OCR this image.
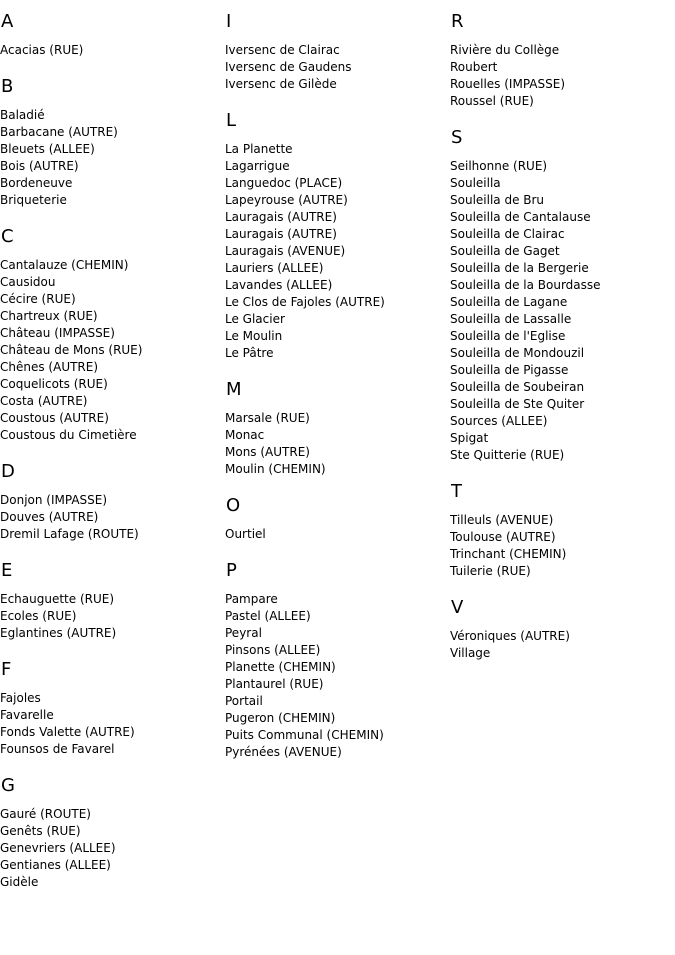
A
Acacias (RUE)
B
Baladié
Barbacane (AUTRE)
Bleuets (ALLEE)
Bois (AUTRE)
Bordeneuve
Briqueterie
C
Cantalauze (CHEMIN)
Causidou
Cécire (RUE)
Chartreux (RUE)
Château (IMPASSE)
Château de Mons (RUE)
Chênes (AUTRE)
Coquelicots (RUE)
Costa (AUTRE)
Coustous (AUTRE)
Coustous du Cimetière
D
Donjon (IMPASSE)
Douves (AUTRE)
Dremil Lafage (ROUTE)
E
Echauguette (RUE)
Ecoles (RUE)
Eglantines (AUTRE)
F
Fajoles
Favarelle
Fonds Valette (AUTRE)
Founsos de Favarel
G
Gauré (ROUTE)
Genêts (RUE)
Genevriers (ALLEE)
Gentianes (ALLEE)
Gidèle
I
Iversenc de Clairac
Iversenc de Gaudens
Iversenc de Gilède
L
La Planette
Lagarrigue
Languedoc (PLACE)
Lapeyrouse (AUTRE)
Lauragais (AUTRE)
Lauragais (AUTRE)
Lauragais (AVENUE)
Lauriers (ALLEE)
Lavandes (ALLEE)
Le Clos de Fajoles (AUTRE)
Le Glacier
Le Moulin
Le Pâtre
M
Marsale (RUE)
Monac
Mons (AUTRE)
Moulin (CHEMIN)
O
Ourtiel
P
Pampare
Pastel (ALLEE)
Peyral
Pinsons (ALLEE)
Planette (CHEMIN)
Plantaurel (RUE)
Portail
Pugeron (CHEMIN)
Puits Communal (CHEMIN)
Pyrénées (AVENUE)
R
Rivière du Collège
Roubert
Rouelles (IMPASSE)
Roussel (RUE)
S
Seilhonne (RUE)
Souleilla
Souleilla de Bru
Souleilla de Cantalause
Souleilla de Clairac
Souleilla de Gaget
Souleilla de la Bergerie
Souleilla de la Bourdasse
Souleilla de Lagane
Souleilla de Lassalle
Souleilla de l'Eglise
Souleilla de Mondouzil
Souleilla de Pigasse
Souleilla de Soubeiran
Souleilla de Ste Quiter
Sources (ALLEE)
Spigat
Ste Quitterie (RUE)
T
Tilleuls (AVENUE)
Toulouse (AUTRE)
Trinchant (CHEMIN)
Tuilerie (RUE)
V
Véroniques (AUTRE)
Village
